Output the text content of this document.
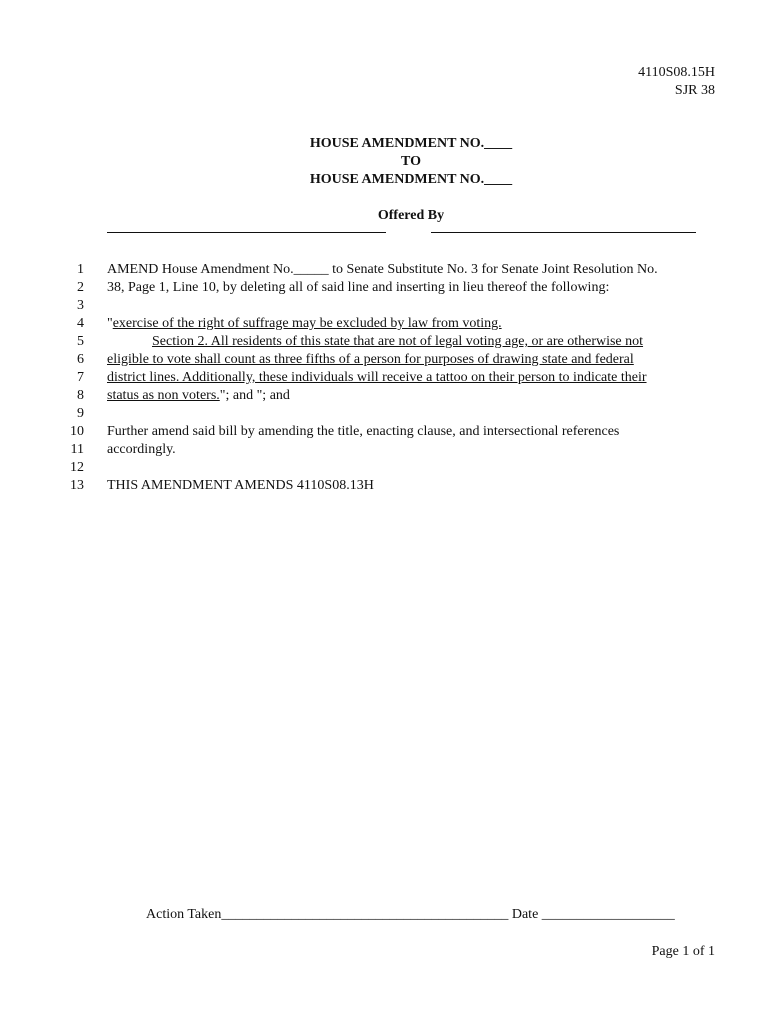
4110S08.15H
SJR 38
HOUSE AMENDMENT NO.____
TO
HOUSE AMENDMENT NO.____
Offered By
1 AMEND House Amendment No._____ to Senate Substitute No. 3 for Senate Joint Resolution No.
2 38, Page 1, Line 10, by deleting all of said line and inserting in lieu thereof the following:
3
4 "exercise of the right of suffrage may be excluded by law from voting.
5	Section 2. All residents of this state that are not of legal voting age, or are otherwise not
6 eligible to vote shall count as three fifths of a person for purposes of drawing state and federal
7 district lines. Additionally, these individuals will receive a tattoo on their person to indicate their
8 status as non voters."; and "; and
9
10 Further amend said bill by amending the title, enacting clause, and intersectional references
11 accordingly.
12
13 THIS AMENDMENT AMENDS 4110S08.13H
Action Taken_________________________________________ Date ___________________
Page 1 of 1
